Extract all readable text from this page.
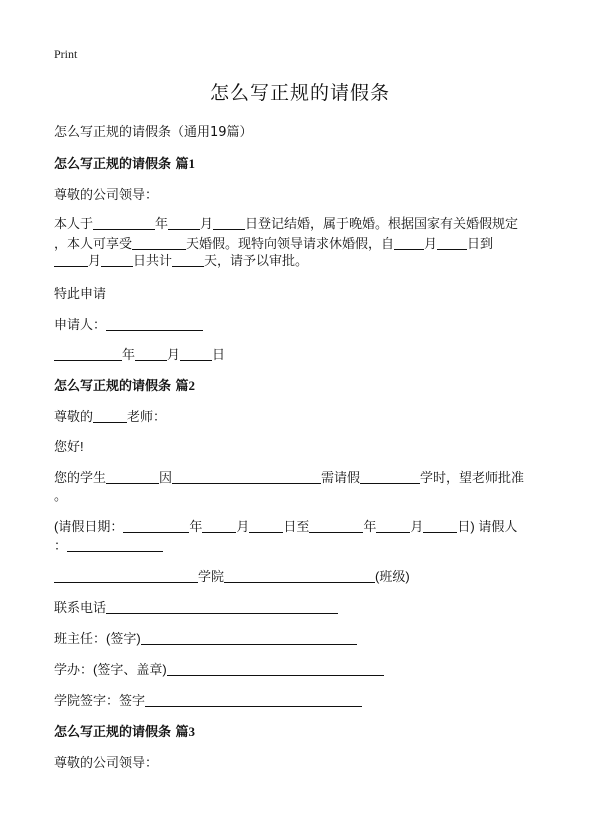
Print
怎么写正规的请假条
怎么写正规的请假条（通用19篇）
怎么写正规的请假条 篇1
尊敬的公司领导：
本人于	年 月 日登记结婚，属于晚婚。根据国家有关婚假规定
，本人可享受	天婚假。现特向领导请求休婚假，自 月 日到
月 日共计 天，请予以审批。
特此申请
申请人：
年 月 日
怎么写正规的请假条 篇2
尊敬的	老师：
您好!
您的学生	因	需请假	学时，望老师批准
。
(请假日期：	年	月	日至	年	月	日) 请假人
：
学院	(班级)
联系电话
班主任：(签字)
学办：(签字、盖章)
学院签字：签字
怎么写正规的请假条 篇3
尊敬的公司领导：
